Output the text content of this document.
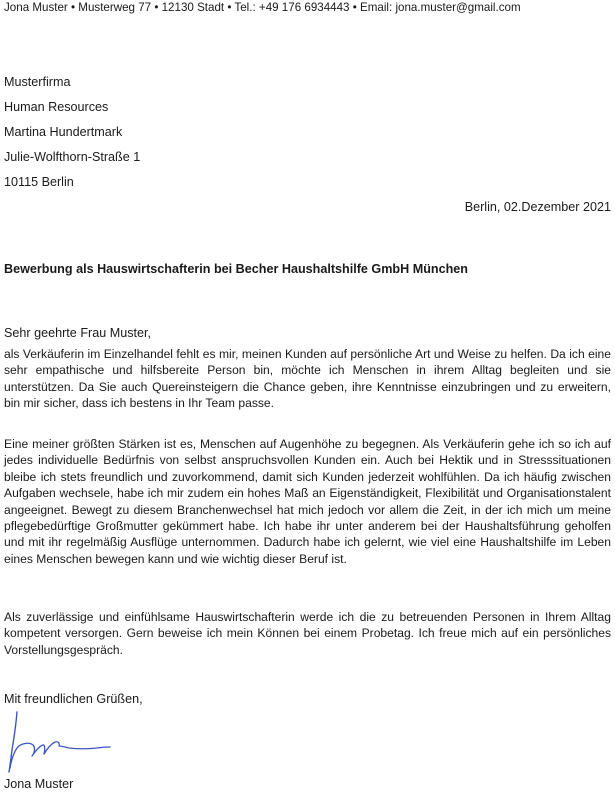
Jona Muster • Musterweg 77 • 12130 Stadt • Tel.: +49 176 6934443 • Email: jona.muster@gmail.com
Musterfirma
Human Resources
Martina Hundertmark
Julie-Wolfthorn-Straße 1
10115 Berlin
Berlin, 02.Dezember 2021
Bewerbung als Hauswirtschafterin bei Becher Haushaltshilfe GmbH München
Sehr geehrte Frau Muster,

als Verkäuferin im Einzelhandel fehlt es mir, meinen Kunden auf persönliche Art und Weise zu helfen. Da ich eine sehr empathische und hilfsbereite Person bin, möchte ich Menschen in ihrem Alltag begleiten und sie unterstützen. Da Sie auch Quereinsteigern die Chance geben, ihre Kenntnisse einzubringen und zu erweitern, bin mir sicher, dass ich bestens in Ihr Team passe.

Eine meiner größten Stärken ist es, Menschen auf Augenhöhe zu begegnen. Als Verkäuferin gehe ich so ich auf jedes individuelle Bedürfnis von selbst anspruchsvollen Kunden ein. Auch bei Hektik und in Stresssituationen bleibe ich stets freundlich und zuvorkommend, damit sich Kunden jederzeit wohlfühlen. Da ich häufig zwischen Aufgaben wechsele, habe ich mir zudem ein hohes Maß an Eigenständigkeit, Flexibilität und Organisationstalent angeeignet. Bewegt zu diesem Branchenwechsel hat mich jedoch vor allem die Zeit, in der ich mich um meine pflegebedürftige Großmutter gekümmert habe. Ich habe ihr unter anderem bei der Haushaltsführung geholfen und mit ihr regelmäßig Ausflüge unternommen. Dadurch habe ich gelernt, wie viel eine Haushaltshilfe im Leben eines Menschen bewegen kann und wie wichtig dieser Beruf ist.

Als zuverlässige und einfühlsame Hauswirtschafterin werde ich die zu betreuenden Personen in Ihrem Alltag kompetent versorgen. Gern beweise ich mein Können bei einem Probetag. Ich freue mich auf ein persönliches Vorstellungsgespräch.

Mit freundlichen Grüßen,
Jona Muster
